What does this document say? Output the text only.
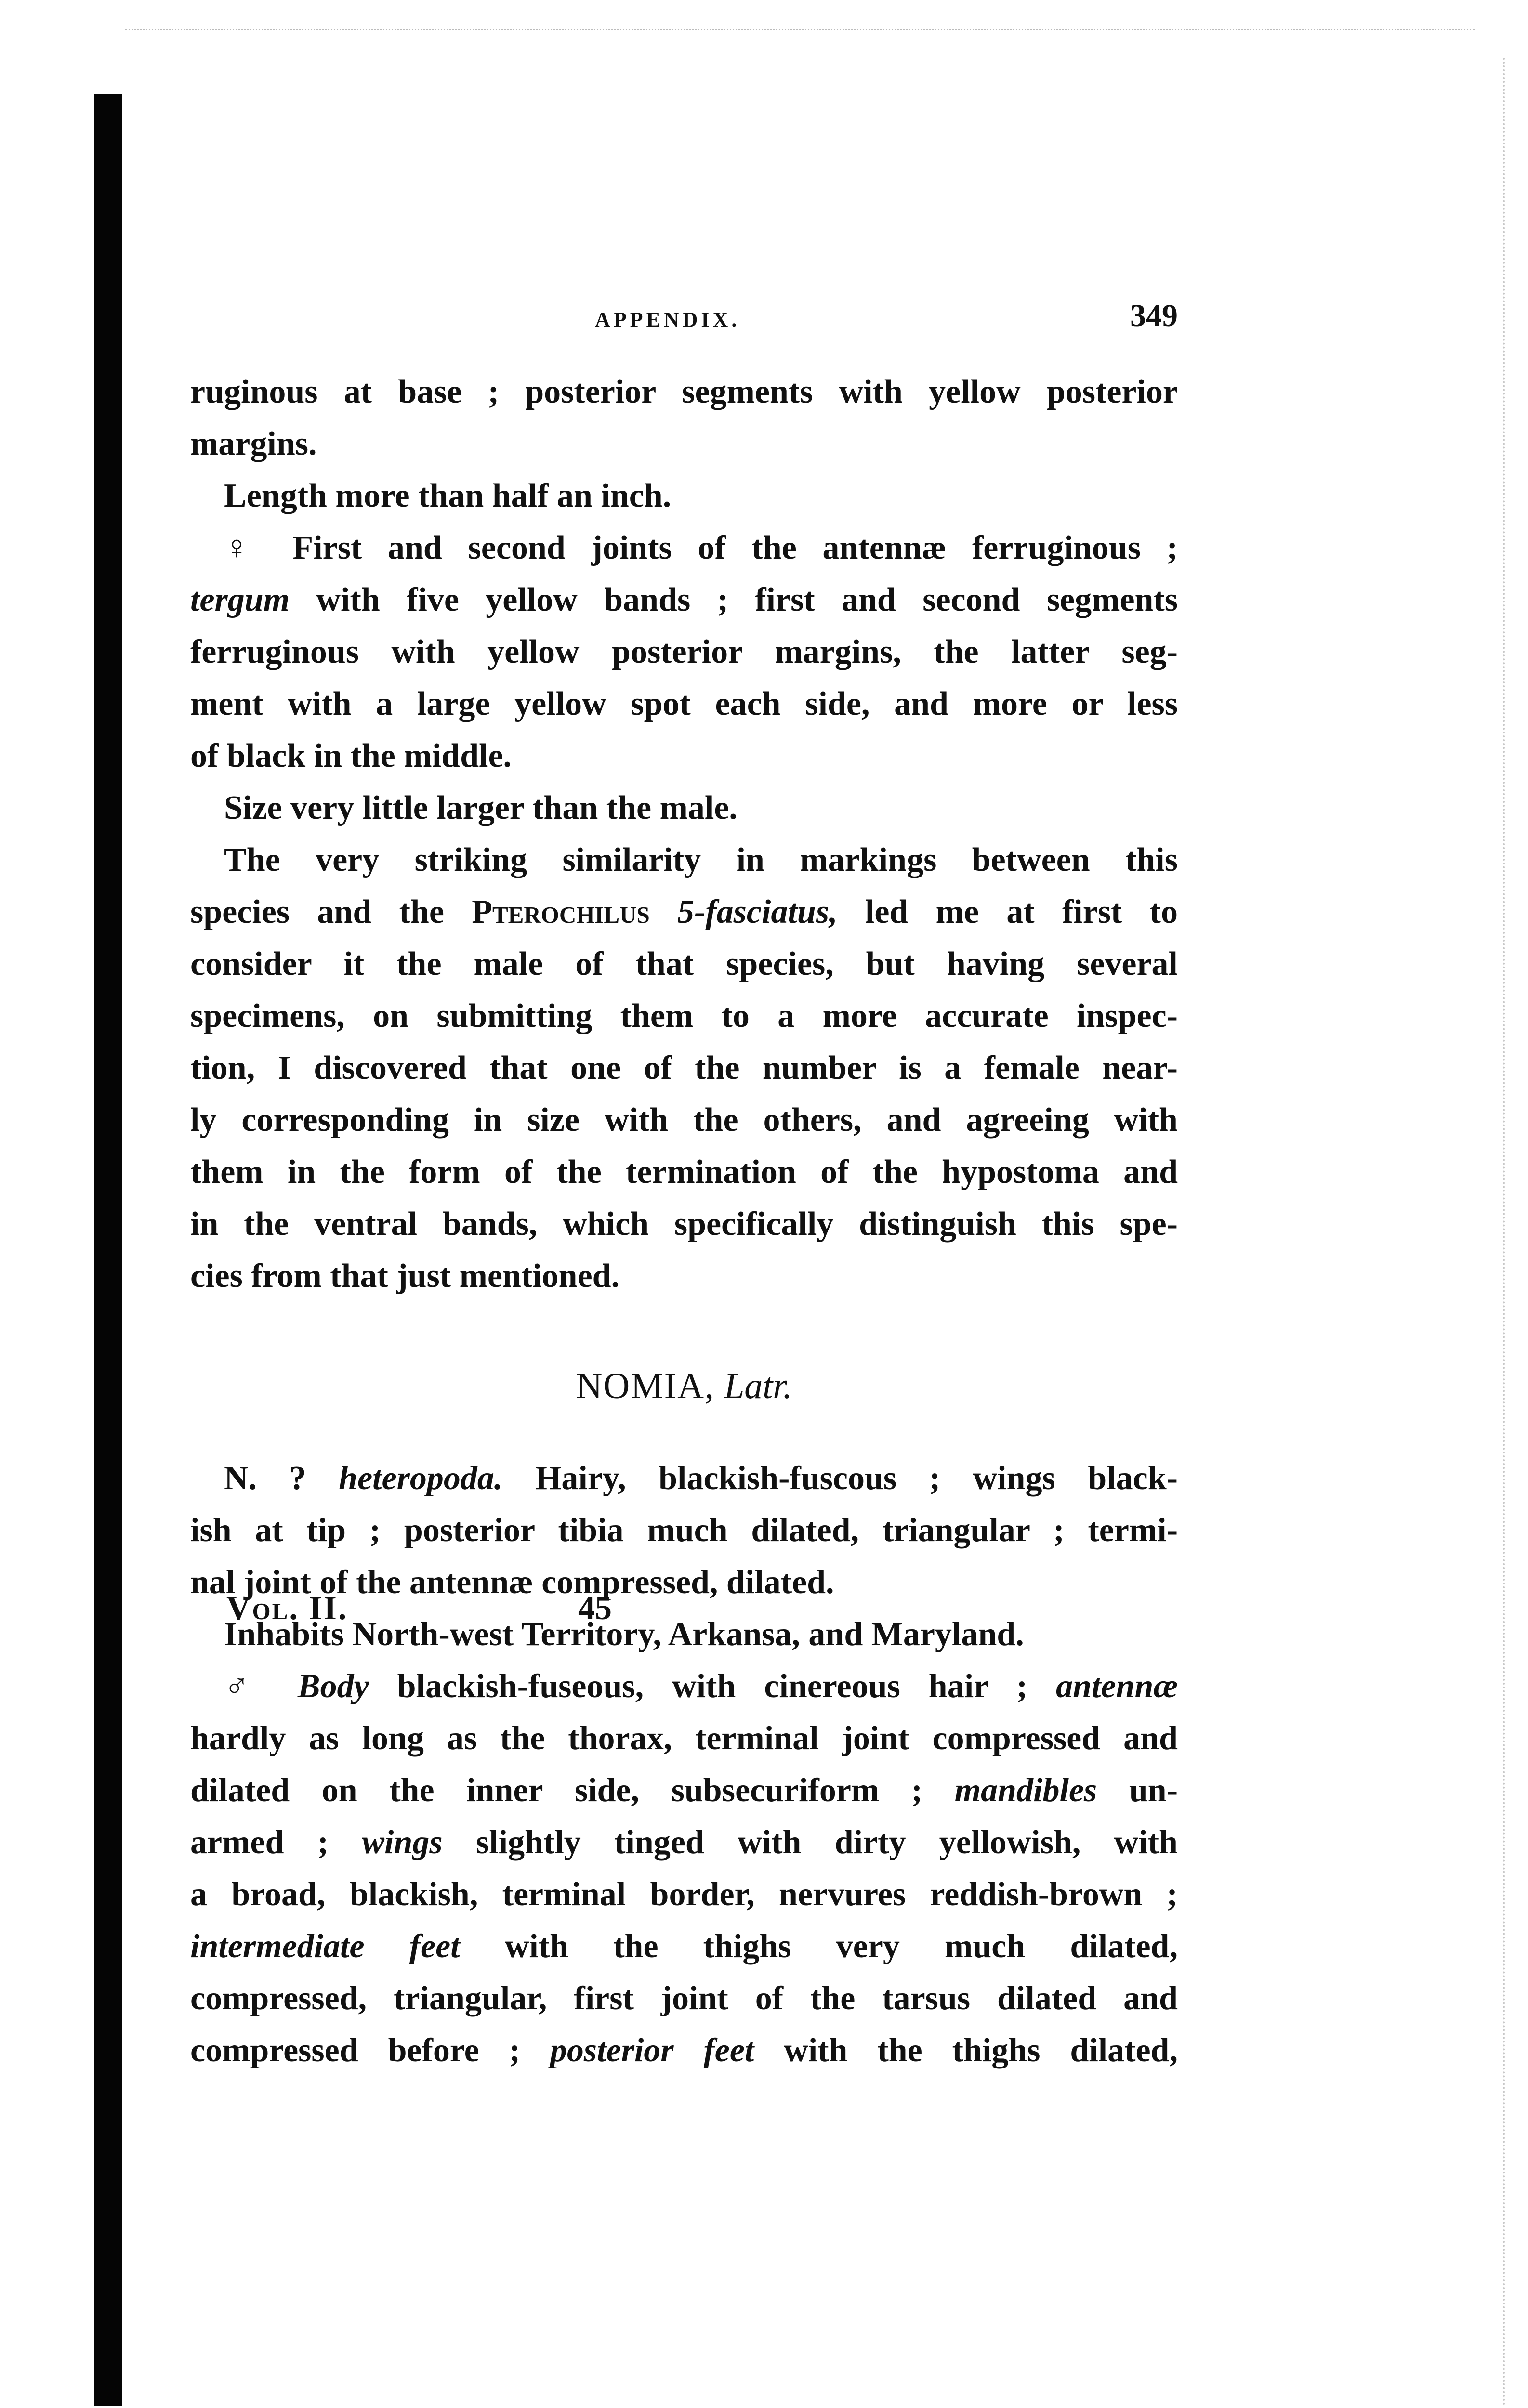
APPENDIX.	349
ruginous at base ; posterior segments with yellow posterior
margins.
Length more than half an inch.
♀ First and second joints of the antennæ ferruginous ;
tergum with five yellow bands ; first and second segments
ferruginous with yellow posterior margins, the latter seg-
ment with a large yellow spot each side, and more or less
of black in the middle.
Size very little larger than the male.
The very striking similarity in markings between this
species and the Pterochilus 5-fasciatus, led me at first to
consider it the male of that species, but having several
specimens, on submitting them to a more accurate inspec-
tion, I discovered that one of the number is a female near-
ly corresponding in size with the others, and agreeing with
them in the form of the termination of the hypostoma and
in the ventral bands, which specifically distinguish this spe-
cies from that just mentioned.
NOMIA, Latr.
N. ? heteropoda. Hairy, blackish-fuscous ; wings black-
ish at tip ; posterior tibia much dilated, triangular ; termi-
nal joint of the antennæ compressed, dilated.
Inhabits North-west Territory, Arkansa, and Maryland.
♂ Body blackish-fuseous, with cinereous hair ; antennæ
hardly as long as the thorax, terminal joint compressed and
dilated on the inner side, subsecuriform ; mandibles un-
armed ; wings slightly tinged with dirty yellowish, with
a broad, blackish, terminal border, nervures reddish-brown ;
intermediate feet with the thighs very much dilated,
compressed, triangular, first joint of the tarsus dilated and
compressed before ; posterior feet with the thighs dilated,
Vol. II.	45
